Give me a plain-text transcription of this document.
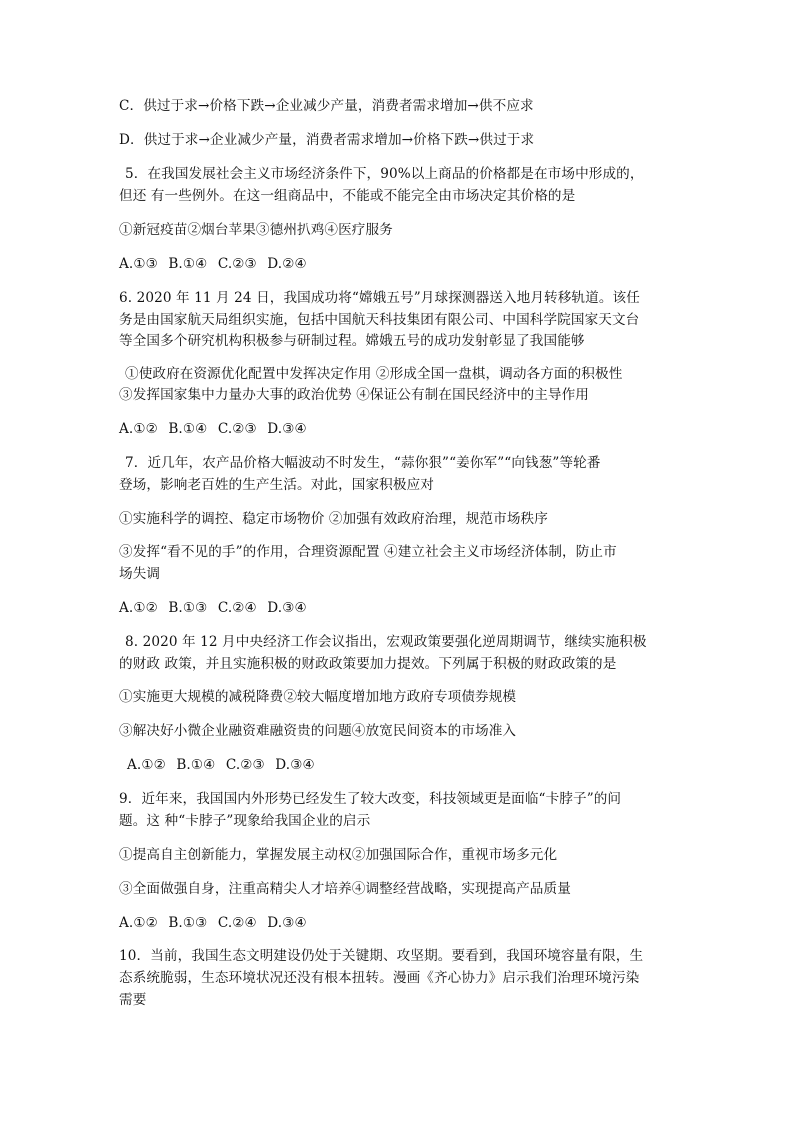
C．供过于求→价格下跌→企业减少产量，消费者需求增加→供不应求
D．供过于求→企业减少产量，消费者需求增加→价格下跌→供过于求
5．在我国发展社会主义市场经济条件下，90%以上商品的价格都是在市场中形成的，
但还 有一些例外。在这一组商品中，不能或不能完全由市场决定其价格的是
①新冠疫苗②烟台苹果③德州扒鸡④医疗服务
A.①③ B.①④ C.②③ D.②④
6. 2020 年 11 月 24 日，我国成功将“嫦娥五号”月球探测器送入地月转移轨道。该任
务是由国家航天局组织实施，包括中国航天科技集团有限公司、中国科学院国家天文台
等全国多个研究机构积极参与研制过程。嫦娥五号的成功发射彰显了我国能够
①使政府在资源优化配置中发挥决定作用 ②形成全国一盘棋，调动各方面的积极性
③发挥国家集中力量办大事的政治优势 ④保证公有制在国民经济中的主导作用
A.①② B.①④ C.②③ D.③④
7．近几年，农产品价格大幅波动不时发生，“蒜你狠”“姜你军”“向钱葱”等轮番
登场，影响老百姓的生产生活。对此，国家积极应对
①实施科学的调控、稳定市场物价 ②加强有效政府治理，规范市场秩序
③发挥“看不见的手”的作用，合理资源配置 ④建立社会主义市场经济体制，防止市
场失调
A.①② B.①③ C.②④ D.③④
8. 2020 年 12 月中央经济工作会议指出，宏观政策要强化逆周期调节，继续实施积极
的财政 政策，并且实施积极的财政政策要加力提效。下列属于积极的财政政策的是
①实施更大规模的减税降费②较大幅度增加地方政府专项债券规模
③解决好小微企业融资难融资贵的问题④放宽民间资本的市场准入
A.①② B.①④ C.②③ D.③④
9．近年来，我国国内外形势已经发生了较大改变，科技领域更是面临“卡脖子”的问
题。这 种“卡脖子”现象给我国企业的启示
①提高自主创新能力，掌握发展主动权②加强国际合作，重视市场多元化
③全面做强自身，注重高精尖人才培养④调整经营战略，实现提高产品质量
A.①② B.①③ C.②④ D.③④
10．当前，我国生态文明建设仍处于关键期、攻坚期。要看到，我国环境容量有限，生
态系统脆弱，生态环境状况还没有根本扭转。漫画《齐心协力》启示我们治理环境污染
需要
